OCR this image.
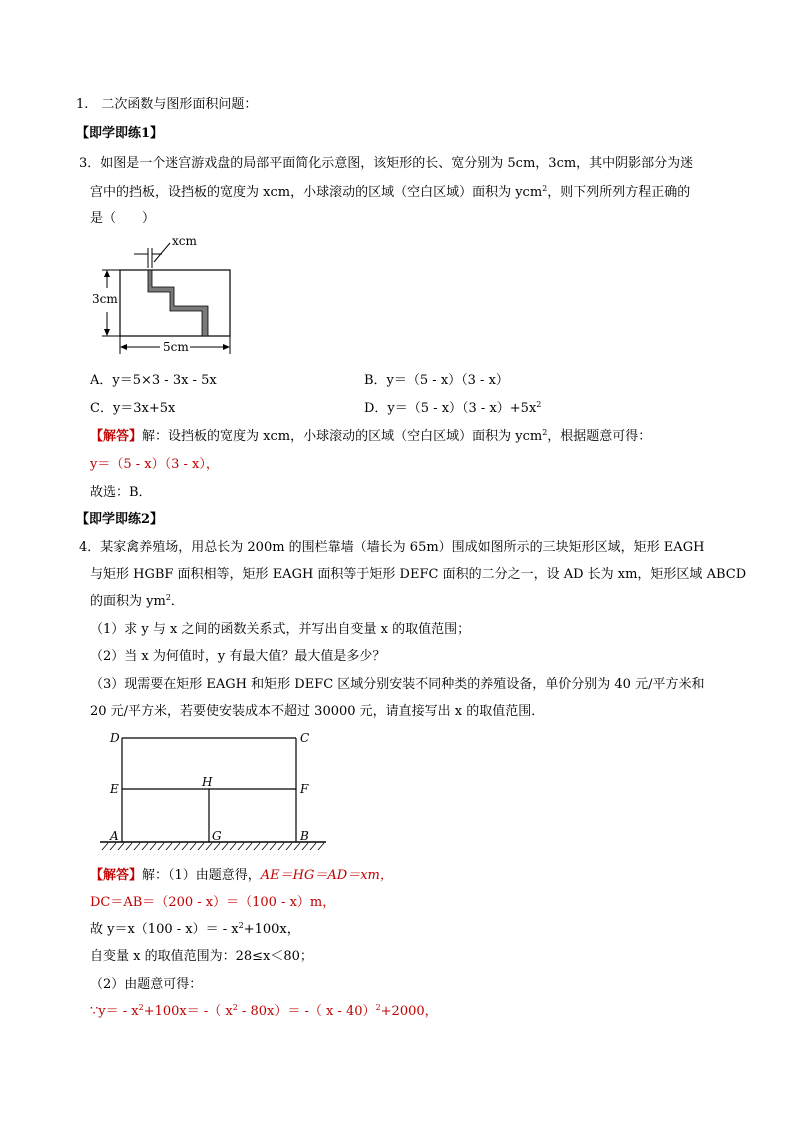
1.　二次函数与图形面积问题：
【即学即练1】
3．如图是一个迷宫游戏盘的局部平面简化示意图，该矩形的长、宽分别为 5cm，3cm，其中阴影部分为迷
宫中的挡板，设挡板的宽度为 xcm，小球滚动的区域（空白区域）面积为 ycm$^2$，则下列所列方程正确的
是（　　）
xcm
3cm
5cm
A．y＝5×3 - 3x - 5x	B．y＝（5 - x）（3 - x）
C．y＝3x+5x	D．$y=(5 - x)(3 - x)+5x^2$
【解答】解：设挡板的宽度为 xcm，小球滚动的区域（空白区域）面积为 ycm$^2$，根据题意可得：
y＝（5 - x）（3 - x），
故选：B．
【即学即练2】
4．某家禽养殖场，用总长为 200m 的围栏靠墙（墙长为 65m）围成如图所示的三块矩形区域，矩形 EAGH
与矩形 HGBF 面积相等，矩形 EAGH 面积等于矩形 DEFC 面积的二分之一，设 AD 长为 xm，矩形区域 ABCD
的面积为 $ym^2$．
（1）求 y 与 x 之间的函数关系式，并写出自变量 x 的取值范围；
（2）当 x 为何值时，y 有最大值？最大值是多少？
（3）现需要在矩形 EAGH 和矩形 DEFC 区域分别安装不同种类的养殖设备，单价分别为 40 元/平方米和
20 元/平方米，若要使安装成本不超过 30000 元，请直接写出 x 的取值范围．
D	C
E	H	F
A	G	B
【解答】解：（1）由题意得，AE＝HG＝AD＝xm，
DC＝AB＝（200 - x）＝（100 - x）m，
故 $y=x(100 - x)= - x^2+100x$，
自变量 x 的取值范围为：28≤x＜80；
（2）由题意可得：
∵y＝ - $x^2+100x=$ -（ $x^2 - 80x)=$ -（ x - 40）$^2$+2000，
